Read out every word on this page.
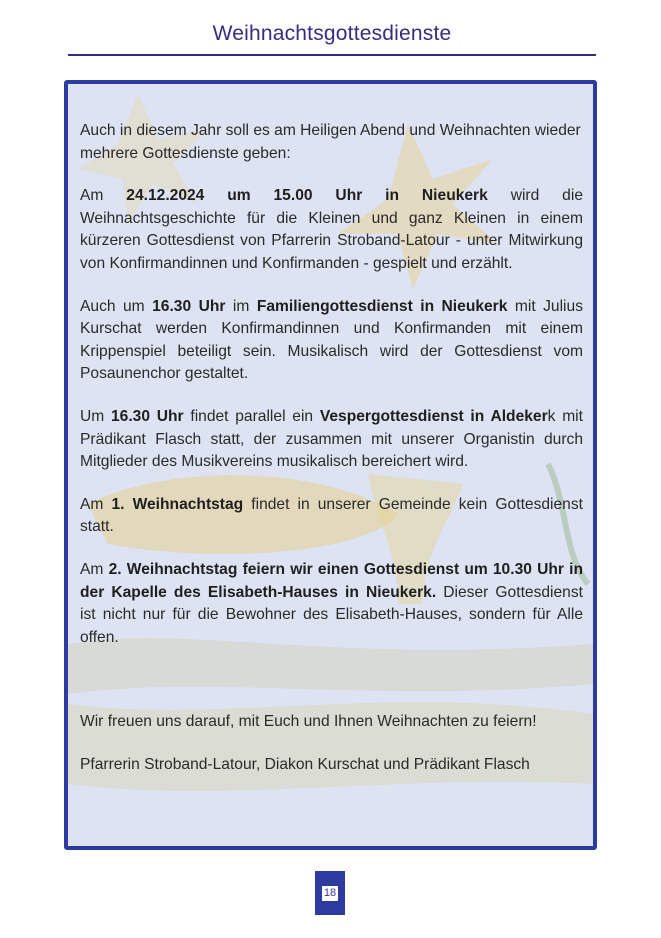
Weihnachtsgottesdienste

Auch in diesem Jahr soll es am Heiligen Abend und Weihnachten wieder mehrere Gottesdienste geben:

Am 24.12.2024 um 15.00 Uhr in Nieukerk wird die Weihnachtsgeschichte für die Kleinen und ganz Kleinen in einem kürzeren Gottesdienst von Pfarrerin Stroband-Latour - unter Mitwirkung von Konfirmandinnen und Konfirmanden - gespielt und erzählt.

Auch um 16.30 Uhr im Familiengottesdienst in Nieukerk mit Julius Kurschat werden Konfirmandinnen und Konfirmanden mit einem Krippenspiel beteiligt sein. Musikalisch wird der Gottesdienst vom Posaunenchor gestaltet.

Um 16.30 Uhr findet parallel ein Vespergottesdienst in Aldekerk mit Prädikant Flasch statt, der zusammen mit unserer Organistin durch Mitglieder des Musikvereins musikalisch bereichert wird.

Am 1. Weihnachtstag findet in unserer Gemeinde kein Gottesdienst statt.

Am 2. Weihnachtstag feiern wir einen Gottesdienst um 10.30 Uhr in der Kapelle des Elisabeth-Hauses in Nieukerk. Dieser Gottesdienst ist nicht nur für die Bewohner des Elisabeth-Hauses, sondern für Alle offen.

Wir freuen uns darauf, mit Euch und Ihnen Weihnachten zu feiern!

Pfarrerin Stroband-Latour, Diakon Kurschat und Prädikant Flasch

18
